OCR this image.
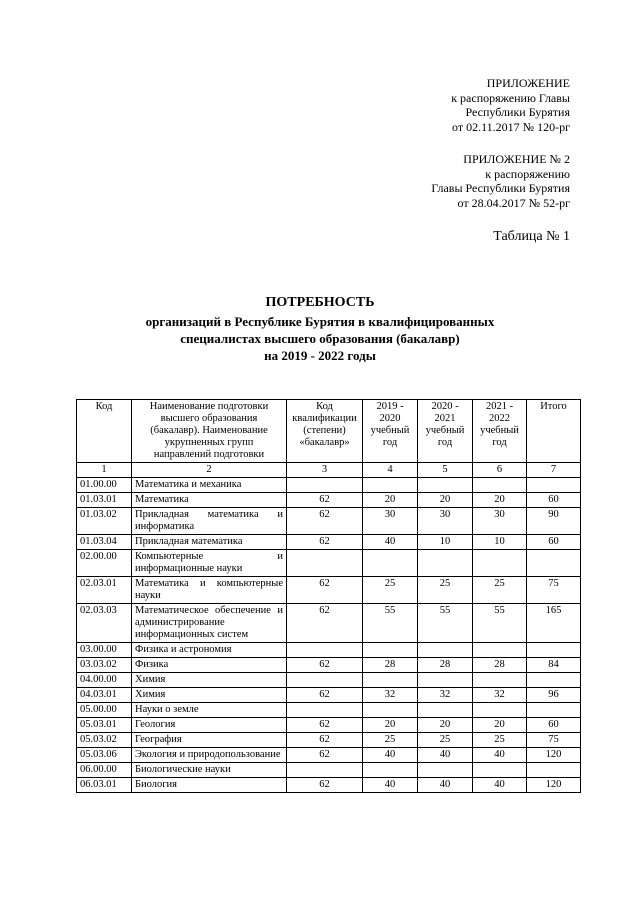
ПРИЛОЖЕНИЕ
к распоряжению Главы
Республики Бурятия
от 02.11.2017 № 120-рг
ПРИЛОЖЕНИЕ № 2
к распоряжению
Главы Республики Бурятия
от 28.04.2017 № 52-рг
Таблица № 1
ПОТРЕБНОСТЬ
организаций в Республике Бурятия в квалифицированных
специалистах высшего образования (бакалавр)
на 2019 - 2022 годы
Код	Наименование подготовки высшего образования (бакалавр). Наименование укрупненных групп направлений подготовки	Код квалификации (степени) «бакалавр»	2019 - 2020 учебный год	2020 - 2021 учебный год	2021 - 2022 учебный год	Итого
1	2	3	4	5	6	7
01.00.00	Математика и механика					
01.03.01	Математика	62	20	20	20	60
01.03.02	Прикладная математика и информатика	62	30	30	30	90
01.03.04	Прикладная математика	62	40	10	10	60
02.00.00	Компьютерные и информационные науки					
02.03.01	Математика и компьютерные науки	62	25	25	25	75
02.03.03	Математическое обеспечение и администрирование информационных систем	62	55	55	55	165
03.00.00	Физика и астрономия					
03.03.02	Физика	62	28	28	28	84
04.00.00	Химия					
04.03.01	Химия	62	32	32	32	96
05.00.00	Науки о земле					
05.03.01	Геология	62	20	20	20	60
05.03.02	География	62	25	25	25	75
05.03.06	Экология и природопользование	62	40	40	40	120
06.00.00	Биологические науки					
06.03.01	Биология	62	40	40	40	120
